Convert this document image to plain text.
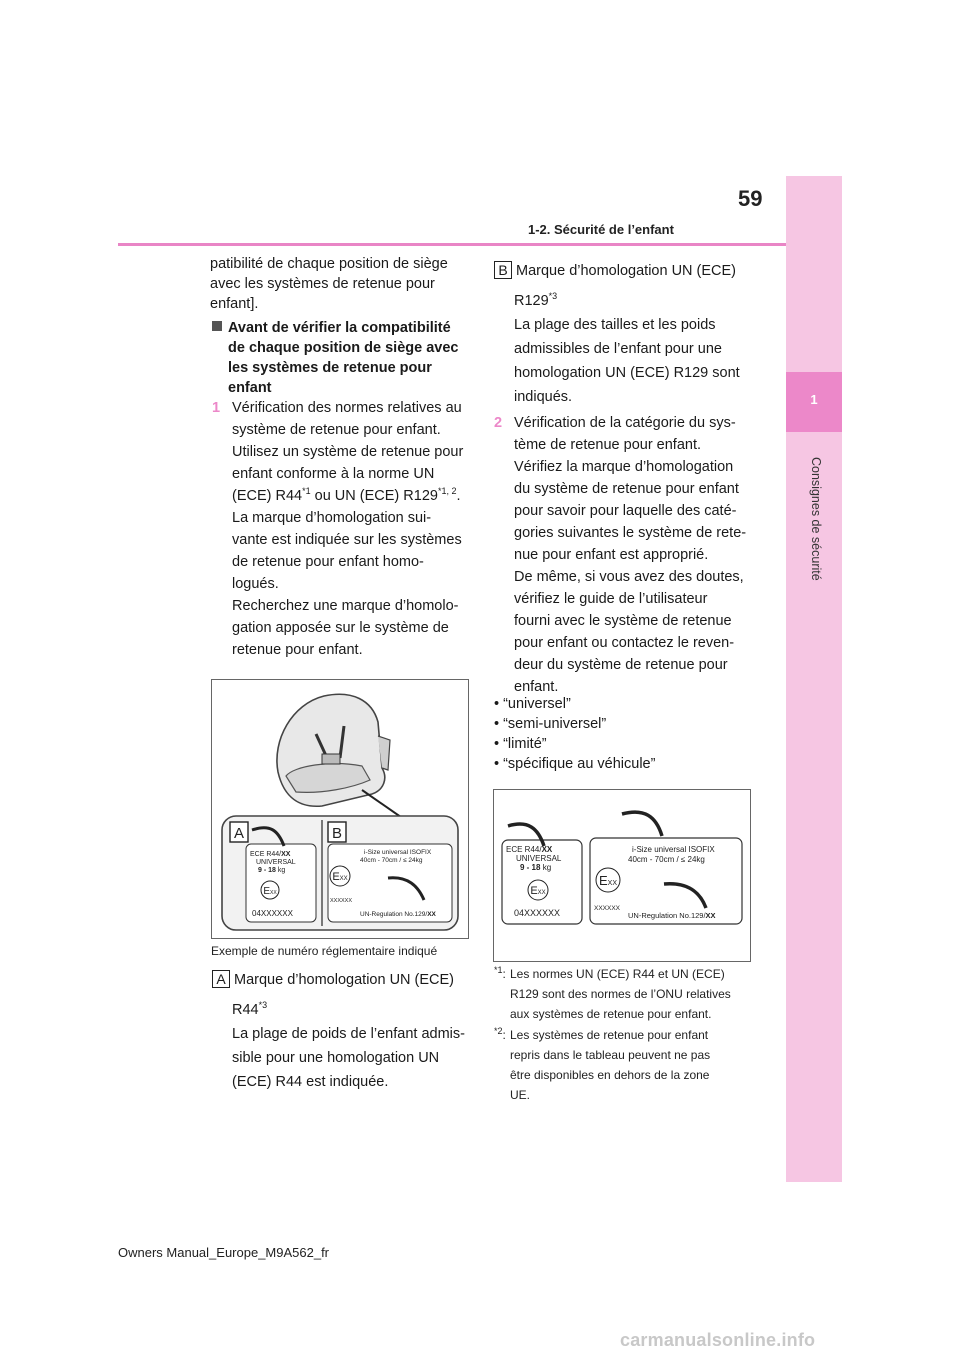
59
1-2. Sécurité de l’enfant
1
Consignes de sécurité
patibilité de chaque position de siège
avec les systèmes de retenue pour
enfant].
Avant de vérifier la compatibilité
de chaque position de siège avec
les systèmes de retenue pour
enfant
1 Vérification des normes relatives au
système de retenue pour enfant.
Utilisez un système de retenue pour
enfant conforme à la norme UN
(ECE) R44$^{*1}$ ou UN (ECE) R129$^{*1, 2}$.
La marque d’homologation sui-
vante est indiquée sur les systèmes
de retenue pour enfant homo-
logués.
Recherchez une marque d’homolo-
gation apposée sur le système de
retenue pour enfant.
A	B
ECE R44/XX
UNIVERSAL
9 - 18 kg
EXX
04XXXXXX
i-Size universal ISOFIX
40cm - 70cm / ≤ 24kg
EXX
XXXXXX
UN-Regulation No.129/XX
Exemple de numéro réglementaire indiqué
A Marque d’homologation UN (ECE)
R44$^{*3}$
La plage de poids de l’enfant admis-
sible pour une homologation UN
(ECE) R44 est indiquée.
B Marque d’homologation UN (ECE)
R129$^{*3}$
La plage des tailles et les poids
admissibles de l’enfant pour une
homologation UN (ECE) R129 sont
indiqués.
2 Vérification de la catégorie du sys-
tème de retenue pour enfant.
Vérifiez la marque d’homologation
du système de retenue pour enfant
pour savoir pour laquelle des caté-
gories suivantes le système de rete-
nue pour enfant est approprié.
De même, si vous avez des doutes,
vérifiez le guide de l’utilisateur
fourni avec le système de retenue
pour enfant ou contactez le reven-
deur du système de retenue pour
enfant.
• “universel”
• “semi-universel”
• “limité”
• “spécifique au véhicule”
ECE R44/XX
UNIVERSAL
9 - 18 kg
EXX
04XXXXXX
i-Size universal ISOFIX
40cm - 70cm / ≤ 24kg
EXX
XXXXXX
UN-Regulation No.129/XX
$^{*1}$: Les normes UN (ECE) R44 et UN (ECE)
R129 sont des normes de l’ONU relatives
aux systèmes de retenue pour enfant.
$^{*2}$: Les systèmes de retenue pour enfant
repris dans le tableau peuvent ne pas
être disponibles en dehors de la zone
UE.
Owners Manual_Europe_M9A562_fr
carmanualsonline.info
